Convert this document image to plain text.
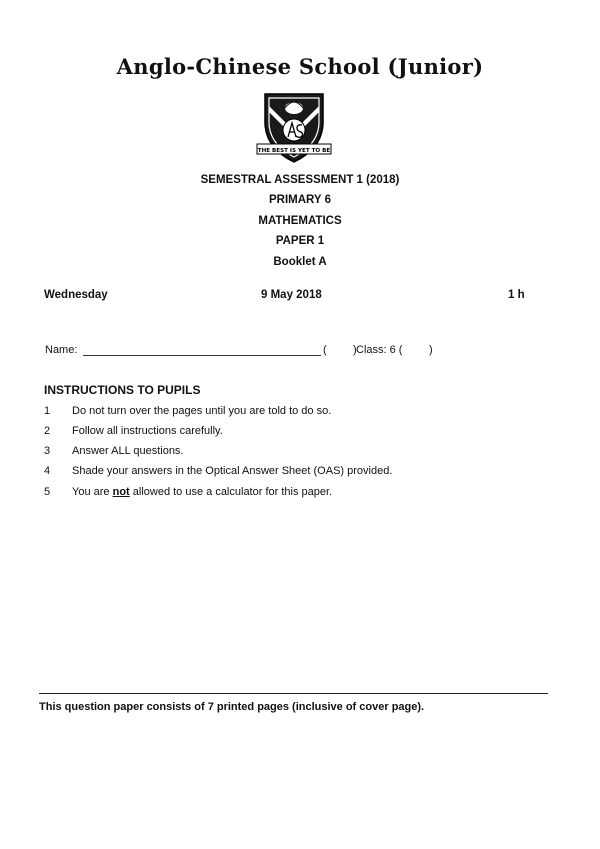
Anglo-Chinese School (Junior)
THE BEST IS YET TO BE
SEMESTRAL ASSESSMENT 1 (2018)
PRIMARY 6
MATHEMATICS
PAPER 1
Booklet A
Wednesday	9 May 2018	1 h
Name:	( ) Class: 6 ( )
INSTRUCTIONS TO PUPILS
1 Do not turn over the pages until you are told to do so.
2 Follow all instructions carefully.
3 Answer ALL questions.
4 Shade your answers in the Optical Answer Sheet (OAS) provided.
5 You are not allowed to use a calculator for this paper.
This question paper consists of 7 printed pages (inclusive of cover page).
